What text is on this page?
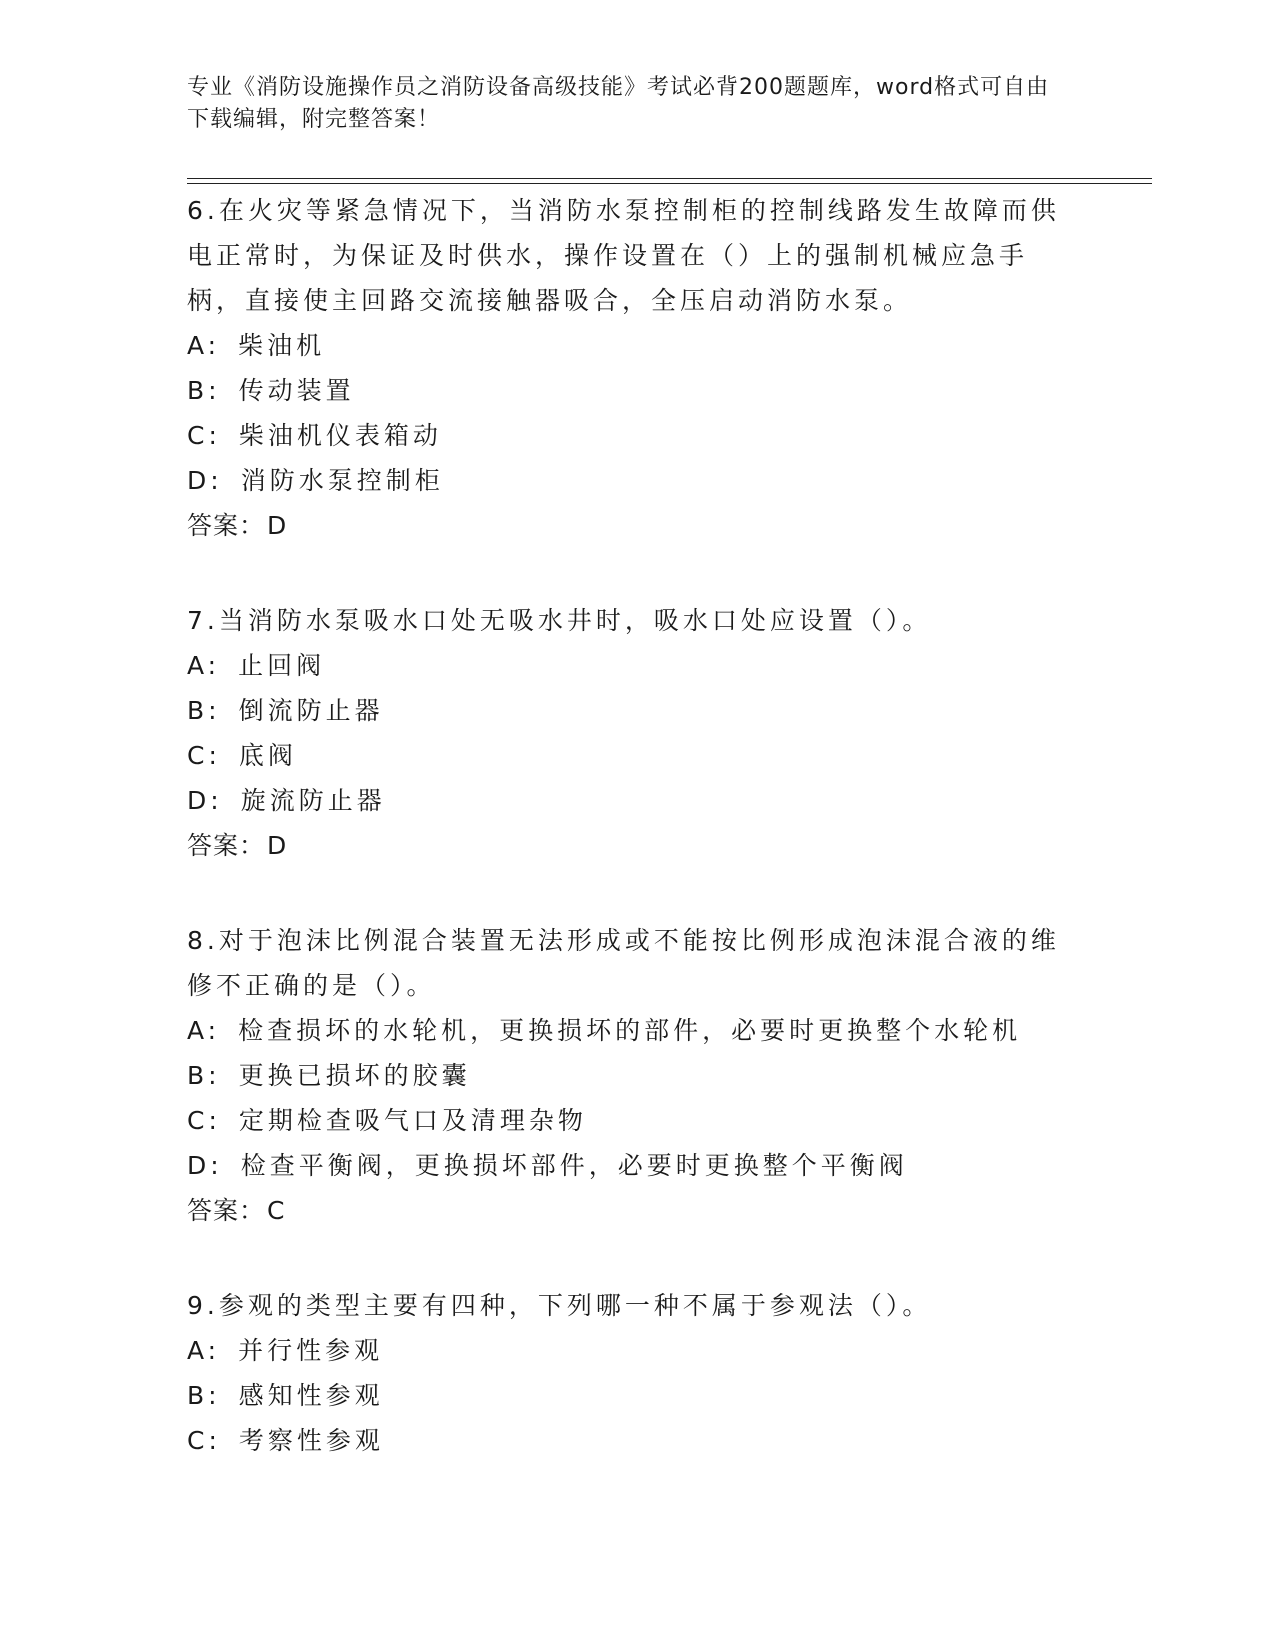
专业《消防设施操作员之消防设备高级技能》考试必背200题题库，word格式可自由下载编辑，附完整答案！
6.在火灾等紧急情况下，当消防水泵控制柜的控制线路发生故障而供电正常时，为保证及时供水，操作设置在（）上的强制机械应急手柄，直接使主回路交流接触器吸合，全压启动消防水泵。
A: 柴油机
B: 传动装置
C: 柴油机仪表箱动
D: 消防水泵控制柜
答案：D
7.当消防水泵吸水口处无吸水井时，吸水口处应设置（）。
A: 止回阀
B: 倒流防止器
C: 底阀
D: 旋流防止器
答案：D
8.对于泡沫比例混合装置无法形成或不能按比例形成泡沫混合液的维修不正确的是（）。
A: 检查损坏的水轮机，更换损坏的部件，必要时更换整个水轮机
B: 更换已损坏的胶囊
C: 定期检查吸气口及清理杂物
D: 检查平衡阀，更换损坏部件，必要时更换整个平衡阀
答案：C
9.参观的类型主要有四种，下列哪一种不属于参观法（）。
A: 并行性参观
B: 感知性参观
C: 考察性参观
